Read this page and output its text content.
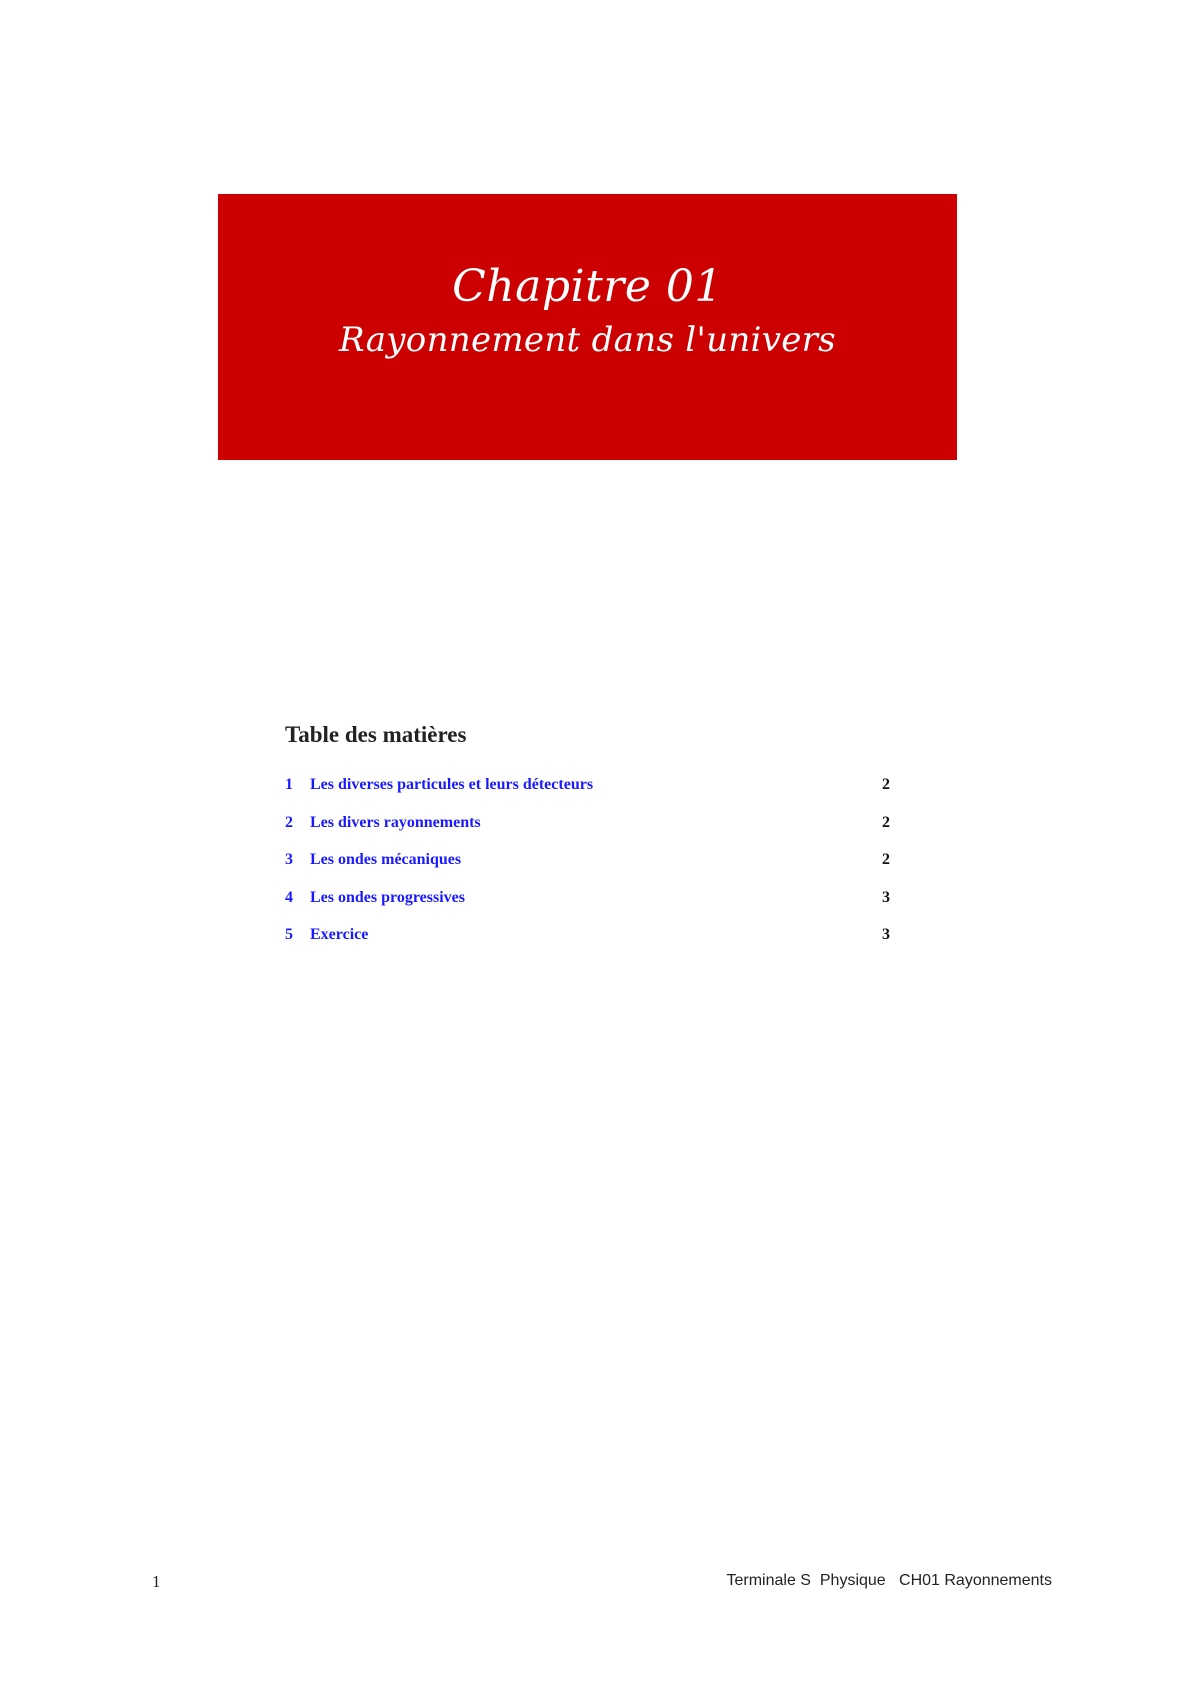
Chapitre 01
Rayonnement dans l'univers
Table des matières
1	Les diverses particules et leurs détecteurs	2
2	Les divers rayonnements	2
3	Les ondes mécaniques	2
4	Les ondes progressives	3
5	Exercice	3
1	Terminale S  Physique   CH01 Rayonnements
